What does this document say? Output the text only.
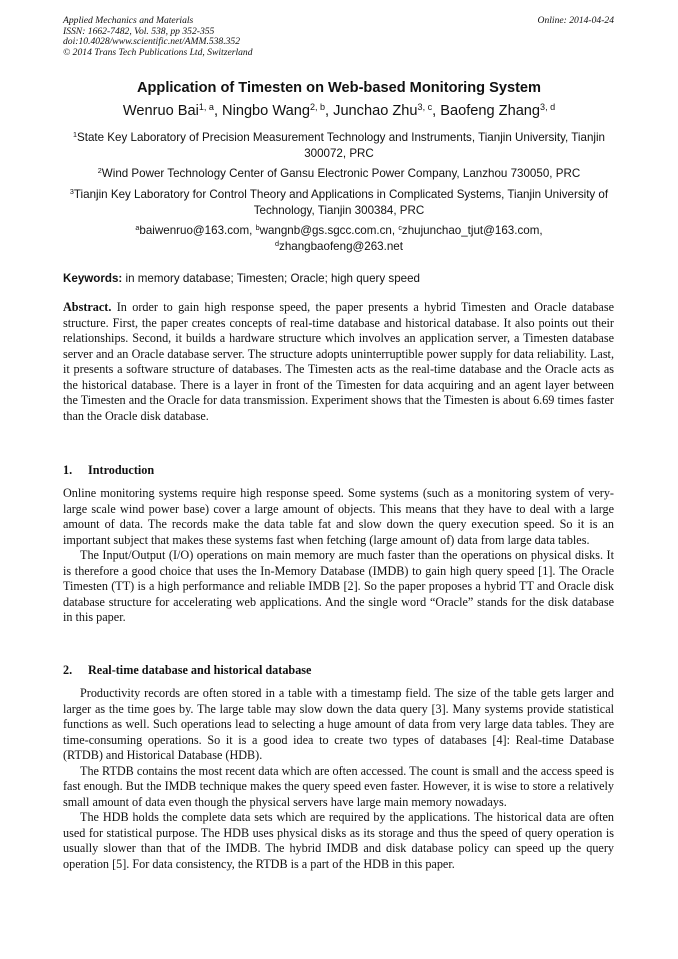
Applied Mechanics and Materials
ISSN: 1662-7482, Vol. 538, pp 352-355
doi:10.4028/www.scientific.net/AMM.538.352
© 2014 Trans Tech Publications Ltd, Switzerland
Online: 2014-04-24
Application of Timesten on Web-based Monitoring System
Wenruo Bai$^{1, a}$, Ningbo Wang$^{2, b}$, Junchao Zhu$^{3, c}$, Baofeng Zhang$^{3, d}$
$^1$State Key Laboratory of Precision Measurement Technology and Instruments, Tianjin University, Tianjin 300072, PRC
$^2$Wind Power Technology Center of Gansu Electronic Power Company, Lanzhou 730050, PRC
$^3$Tianjin Key Laboratory for Control Theory and Applications in Complicated Systems, Tianjin University of Technology, Tianjin 300384, PRC
$^a$baiwenruo@163.com, $^b$wangnb@gs.sgcc.com.cn, $^c$zhujunchao_tjut@163.com,
$^d$zhangbaofeng@263.net
Keywords: in memory database; Timesten; Oracle; high query speed

Abstract. In order to gain high response speed, the paper presents a hybrid Timesten and Oracle database structure. First, the paper creates concepts of real-time database and historical database. It also points out their relationships. Second, it builds a hardware structure which involves an application server, a Timesten database server and an Oracle database server. The structure adopts uninterruptible power supply for data reliability. Last, it presents a software structure of databases. The Timesten acts as the real-time database and the Oracle acts as the historical database. There is a layer in front of the Timesten for data acquiring and an agent layer between the Timesten and the Oracle for data transmission. Experiment shows that the Timesten is about 6.69 times faster than the Oracle disk database.

1. Introduction

Online monitoring systems require high response speed. Some systems (such as a monitoring system of very-large scale wind power base) cover a large amount of objects. This means that they have to deal with a large amount of data. The records make the data table fat and slow down the query execution speed. So it is an important subject that makes these systems fast when fetching (large amount of) data from large data tables.

The Input/Output (I/O) operations on main memory are much faster than the operations on physical disks. It is therefore a good choice that uses the In-Memory Database (IMDB) to gain high query speed [1]. The Oracle Timesten (TT) is a high performance and reliable IMDB [2]. So the paper proposes a hybrid TT and Oracle disk database structure for accelerating web applications. And the single word “Oracle” stands for the disk database in this paper.

2. Real-time database and historical database

Productivity records are often stored in a table with a timestamp field. The size of the table gets larger and larger as the time goes by. The large table may slow down the data query [3]. Many systems provide statistical functions as well. Such operations lead to selecting a huge amount of data from very large data tables. They are time-consuming operations. So it is a good idea to create two types of databases [4]: Real-time Database (RTDB) and Historical Database (HDB).

The RTDB contains the most recent data which are often accessed. The count is small and the access speed is fast enough. But the IMDB technique makes the query speed even faster. However, it is wise to store a relatively small amount of data even though the physical servers have large main memory nowadays.

The HDB holds the complete data sets which are required by the applications. The historical data are often used for statistical purpose. The HDB uses physical disks as its storage and thus the speed of query operation is usually slower than that of the IMDB. The hybrid IMDB and disk database policy can speed up the query operation [5]. For data consistency, the RTDB is a part of the HDB in this paper.
